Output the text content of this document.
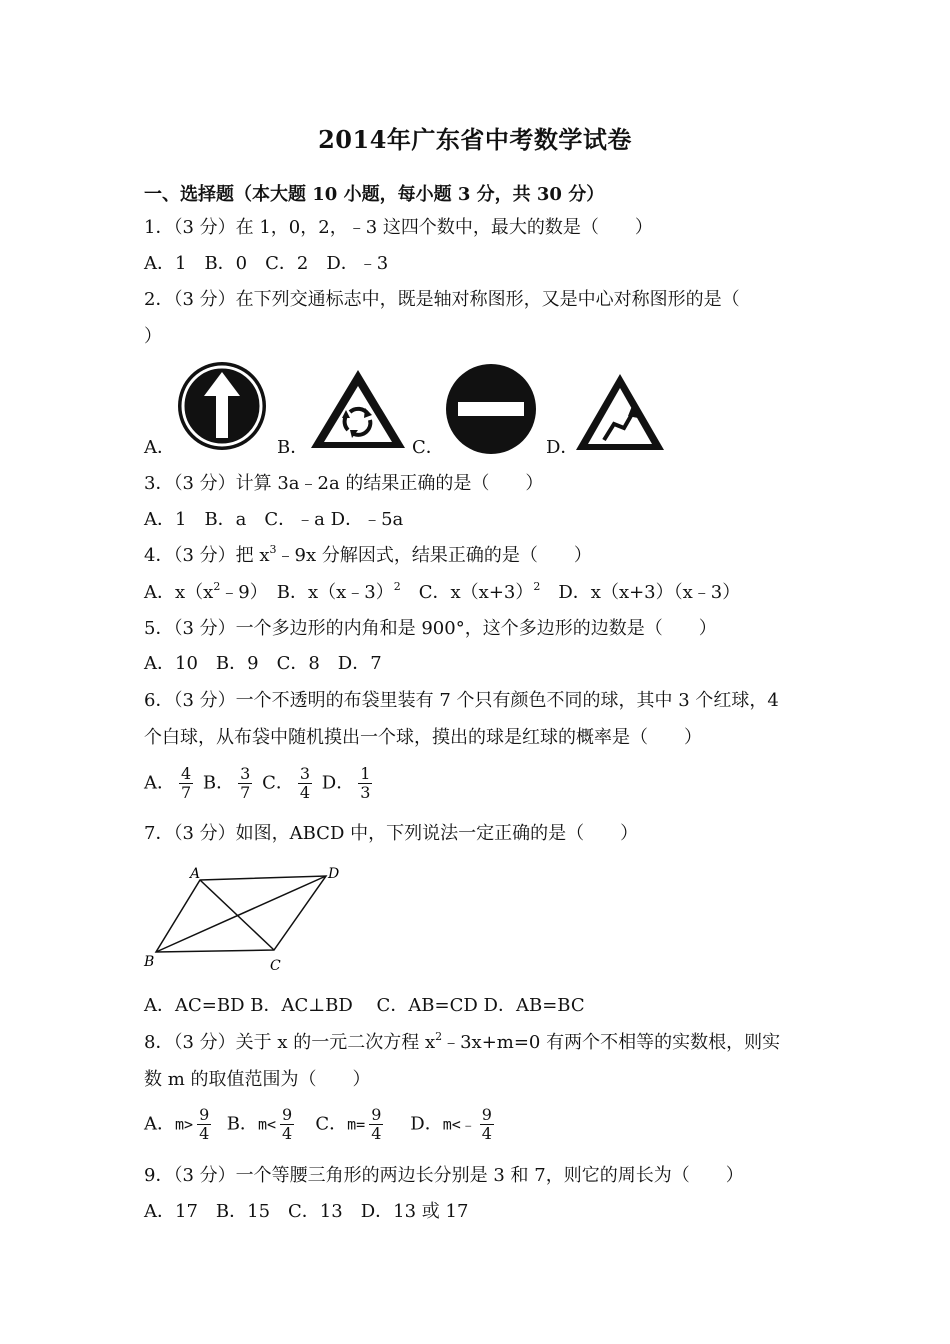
2014年广东省中考数学试卷
一、选择题（本大题 10 小题，每小题 3 分，共 30 分）
1．（3 分）在 1，0，2，﹣3 这四个数中，最大的数是（　　）
A．1　B．0　C．2　D．﹣3
2．（3 分）在下列交通标志中，既是轴对称图形，又是中心对称图形的是（
）
A．	B．	C．	D．
3．（3 分）计算 3a﹣2a 的结果正确的是（　　）
A．1　B．a　C．﹣a D．﹣5a
4．（3 分）把 $x^3﹣9x$ 分解因式，结果正确的是（　　）
A．$x(x^2﹣9)$　 B．x（x﹣3）$^2$　 C．$x(x+3)^2$　 D．x（x+3）（x﹣3）
5．（3 分）一个多边形的内角和是 900°，这个多边形的边数是（　　）
A．10　B．9　C．8　D．7
6．（3 分）一个不透明的布袋里装有 7 个只有颜色不同的球，其中 3 个红球，4
个白球，从布袋中随机摸出一个球，摸出的球是红球的概率是（　　）
A． $\frac{4}{7}$ B． $\frac{3}{7}$ C． $\frac{3}{4}$ D． $\frac{1}{3}$
7．（3 分）如图，ABCD 中，下列说法一定正确的是（　　）
A	D
B	C
A．AC=BD B．AC⊥BD　 C．AB=CD D．AB=BC
8．（3 分）关于 x 的一元二次方程 $x^2﹣3x+m=0$ 有两个不相等的实数根，则实
数 m 的取值范围为（　　）
A．$m> \frac{9}{4}$ B．$m< \frac{9}{4}$ C．$m= \frac{9}{4}$ D．m<﹣ $\frac{9}{4}$
9．（3 分）一个等腰三角形的两边长分别是 3 和 7，则它的周长为（　　）
A．17　B．15　C．13　D．13 或 17
